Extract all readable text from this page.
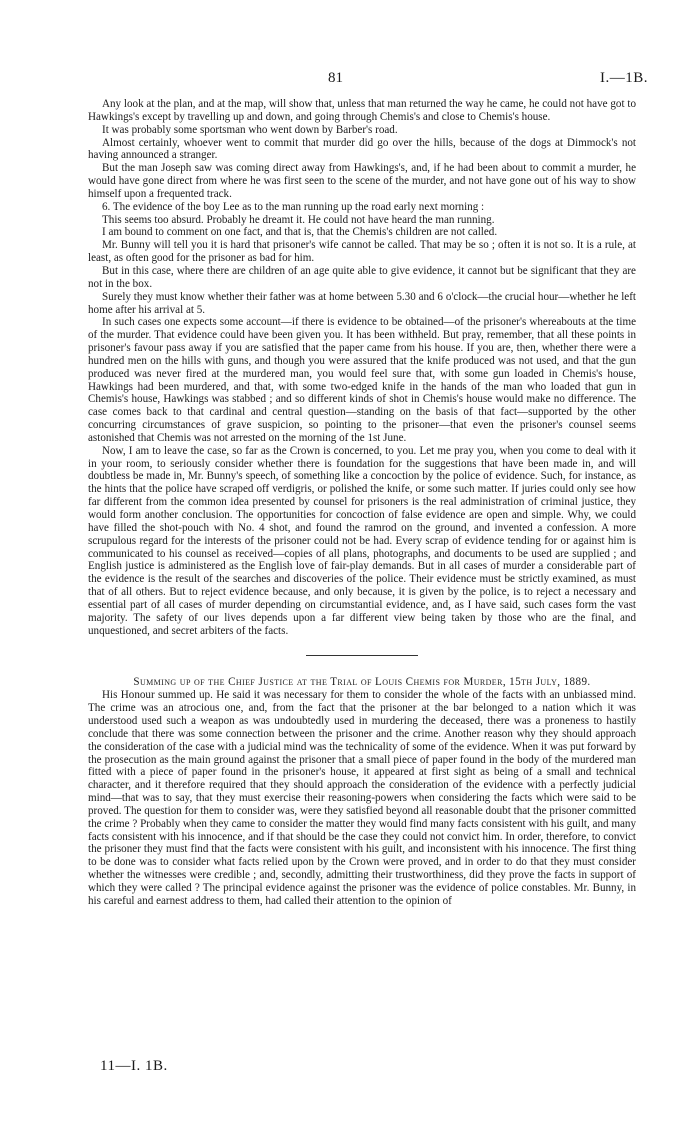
81	I.—1B.

Any look at the plan, and at the map, will show that, unless that man returned the way he came, he could not have got to Hawkings's except by travelling up and down, and going through Chemis's and close to Chemis's house.

It was probably some sportsman who went down by Barber's road.

Almost certainly, whoever went to commit that murder did go over the hills, because of the dogs at Dimmock's not having announced a stranger.

But the man Joseph saw was coming direct away from Hawkings's, and, if he had been about to commit a murder, he would have gone direct from where he was first seen to the scene of the murder, and not have gone out of his way to show himself upon a frequented track.

6. The evidence of the boy Lee as to the man running up the road early next morning :

This seems too absurd. Probably he dreamt it. He could not have heard the man running.

I am bound to comment on one fact, and that is, that the Chemis's children are not called.

Mr. Bunny will tell you it is hard that prisoner's wife cannot be called. That may be so ; often it is not so. It is a rule, at least, as often good for the prisoner as bad for him.

But in this case, where there are children of an age quite able to give evidence, it cannot but be significant that they are not in the box.

Surely they must know whether their father was at home between 5.30 and 6 o'clock—the crucial hour—whether he left home after his arrival at 5.

In such cases one expects some account—if there is evidence to be obtained—of the prisoner's whereabouts at the time of the murder. That evidence could have been given you. It has been withheld. But pray, remember, that all these points in prisoner's favour pass away if you are satisfied that the paper came from his house. If you are, then, whether there were a hundred men on the hills with guns, and though you were assured that the knife produced was not used, and that the gun produced was never fired at the murdered man, you would feel sure that, with some gun loaded in Chemis's house, Hawkings had been murdered, and that, with some two-edged knife in the hands of the man who loaded that gun in Chemis's house, Hawkings was stabbed ; and so different kinds of shot in Chemis's house would make no difference. The case comes back to that cardinal and central question—standing on the basis of that fact—supported by the other concurring circumstances of grave suspicion, so pointing to the prisoner—that even the prisoner's counsel seems astonished that Chemis was not arrested on the morning of the 1st June.

Now, I am to leave the case, so far as the Crown is concerned, to you. Let me pray you, when you come to deal with it in your room, to seriously consider whether there is foundation for the suggestions that have been made in, and will doubtless be made in, Mr. Bunny's speech, of something like a concoction by the police of evidence. Such, for instance, as the hints that the police have scraped off verdigris, or polished the knife, or some such matter. If juries could only see how far different from the common idea presented by counsel for prisoners is the real administration of criminal justice, they would form another conclusion. The opportunities for concoction of false evidence are open and simple. Why, we could have filled the shot-pouch with No. 4 shot, and found the ramrod on the ground, and invented a confession. A more scrupulous regard for the interests of the prisoner could not be had. Every scrap of evidence tending for or against him is communicated to his counsel as received—copies of all plans, photographs, and documents to be used are supplied ; and English justice is administered as the English love of fair-play demands. But in all cases of murder a considerable part of the evidence is the result of the searches and discoveries of the police. Their evidence must be strictly examined, as must that of all others. But to reject evidence because, and only because, it is given by the police, is to reject a necessary and essential part of all cases of murder depending on circumstantial evidence, and, as I have said, such cases form the vast majority. The safety of our lives depends upon a far different view being taken by those who are the final, and unquestioned, and secret arbiters of the facts.

Summing up of the Chief Justice at the Trial of Louis Chemis for Murder, 15th July, 1889.

His Honour summed up. He said it was necessary for them to consider the whole of the facts with an unbiassed mind. The crime was an atrocious one, and, from the fact that the prisoner at the bar belonged to a nation which it was understood used such a weapon as was undoubtedly used in murdering the deceased, there was a proneness to hastily conclude that there was some connection between the prisoner and the crime. Another reason why they should approach the consideration of the case with a judicial mind was the technicality of some of the evidence. When it was put forward by the prosecution as the main ground against the prisoner that a small piece of paper found in the body of the murdered man fitted with a piece of paper found in the prisoner's house, it appeared at first sight as being of a small and technical character, and it therefore required that they should approach the consideration of the evidence with a perfectly judicial mind—that was to say, that they must exercise their reasoning-powers when considering the facts which were said to be proved. The question for them to consider was, were they satisfied beyond all reasonable doubt that the prisoner committed the crime ? Probably when they came to consider the matter they would find many facts consistent with his guilt, and many facts consistent with his innocence, and if that should be the case they could not convict him. In order, therefore, to convict the prisoner they must find that the facts were consistent with his guilt, and inconsistent with his innocence. The first thing to be done was to consider what facts relied upon by the Crown were proved, and in order to do that they must consider whether the witnesses were credible ; and, secondly, admitting their trustworthiness, did they prove the facts in support of which they were called ? The principal evidence against the prisoner was the evidence of police constables. Mr. Bunny, in his careful and earnest address to them, had called their attention to the opinion of

11—I. 1B.
